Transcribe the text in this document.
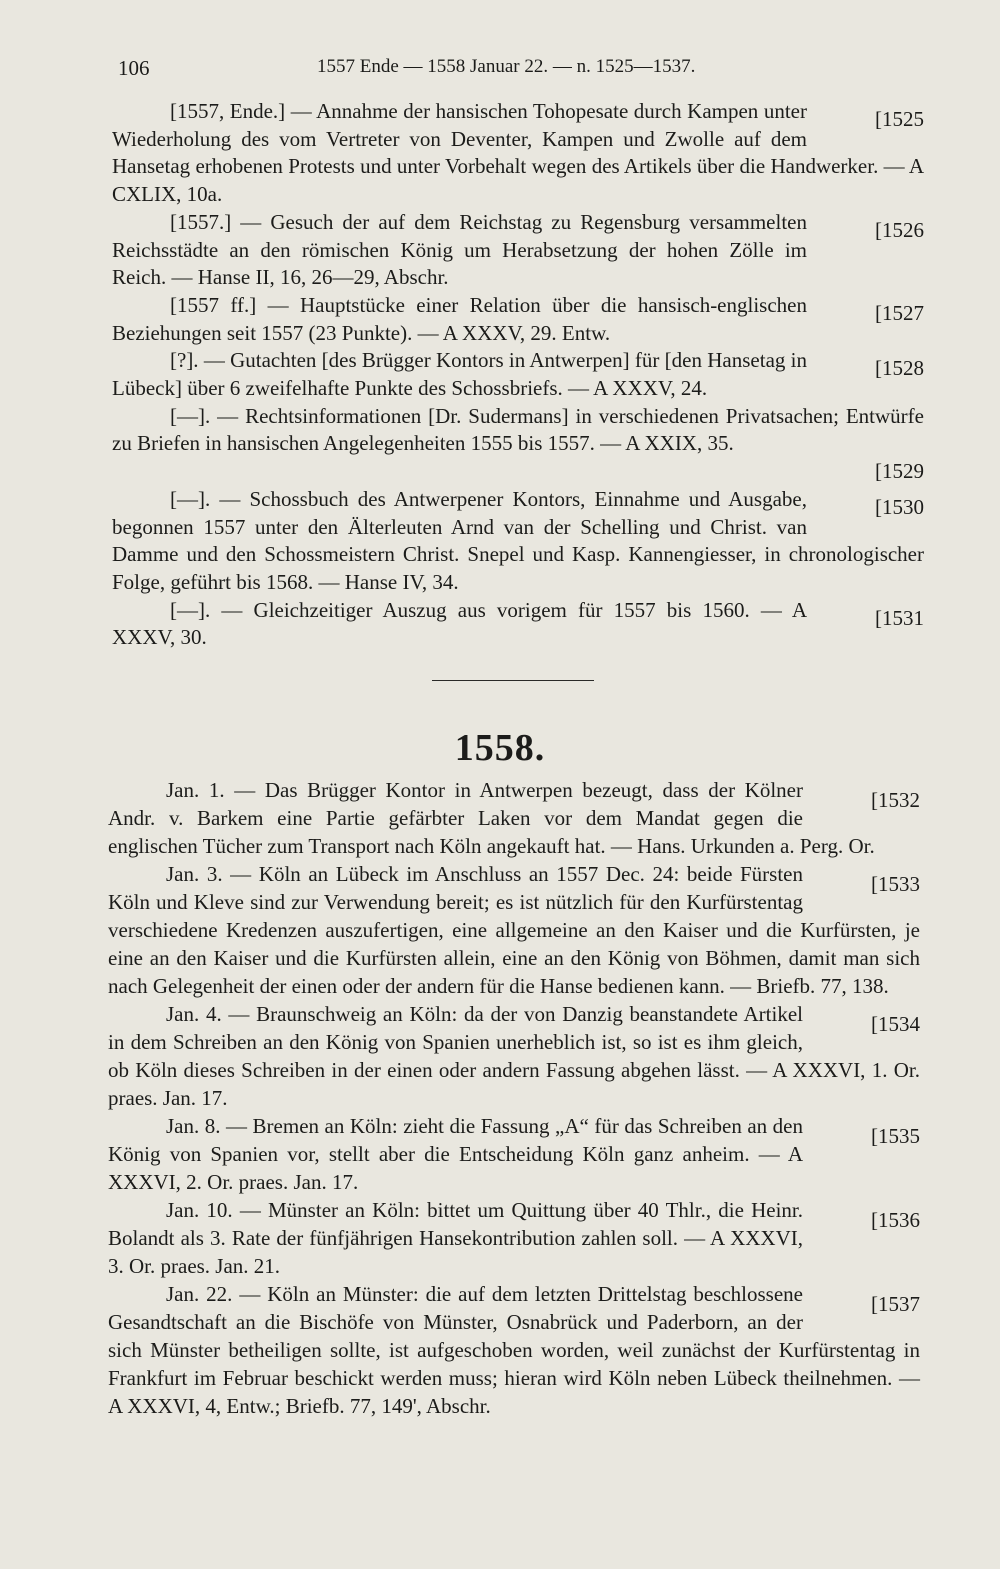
106	1557 Ende — 1558 Januar 22. — n. 1525—1537.

[1525
[1557, Ende.] — Annahme der hansischen Tohopesate durch Kampen unter Wiederholung des vom Vertreter von Deventer, Kampen und Zwolle auf dem Hansetag erhobenen Protests und unter Vorbehalt wegen des Artikels über die Handwerker. — A CXLIX, 10a.

[1526
[1557.] — Gesuch der auf dem Reichstag zu Regensburg versammelten Reichsstädte an den römischen König um Herabsetzung der hohen Zölle im Reich. — Hanse II, 16, 26—29, Abschr.

[1527
[1557 ff.] — Hauptstücke einer Relation über die hansisch-englischen Beziehungen seit 1557 (23 Punkte). — A XXXV, 29. Entw.

[1528
[?]. — Gutachten [des Brügger Kontors in Antwerpen] für [den Hansetag in Lübeck] über 6 zweifelhafte Punkte des Schossbriefs. — A XXXV, 24.

[—]. — Rechtsinformationen [Dr. Sudermans] in verschiedenen Privatsachen; Entwürfe zu Briefen in hansischen Angelegenheiten 1555 bis 1557. — A XXIX, 35.
[1529

[1530
[—]. — Schossbuch des Antwerpener Kontors, Einnahme und Ausgabe, begonnen 1557 unter den Älterleuten Arnd van der Schelling und Christ. van Damme und den Schossmeistern Christ. Snepel und Kasp. Kannengiesser, in chronologischer Folge, geführt bis 1568. — Hanse IV, 34.

[1531
[—]. — Gleichzeitiger Auszug aus vorigem für 1557 bis 1560. — A XXXV, 30.

1558.

[1532
Jan. 1. — Das Brügger Kontor in Antwerpen bezeugt, dass der Kölner Andr. v. Barkem eine Partie gefärbter Laken vor dem Mandat gegen die englischen Tücher zum Transport nach Köln angekauft hat. — Hans. Urkunden a. Perg. Or.

[1533
Jan. 3. — Köln an Lübeck im Anschluss an 1557 Dec. 24: beide Fürsten Köln und Kleve sind zur Verwendung bereit; es ist nützlich für den Kurfürstentag verschiedene Kredenzen auszufertigen, eine allgemeine an den Kaiser und die Kurfürsten, je eine an den Kaiser und die Kurfürsten allein, eine an den König von Böhmen, damit man sich nach Gelegenheit der einen oder der andern für die Hanse bedienen kann. — Briefb. 77, 138.

[1534
Jan. 4. — Braunschweig an Köln: da der von Danzig beanstandete Artikel in dem Schreiben an den König von Spanien unerheblich ist, so ist es ihm gleich, ob Köln dieses Schreiben in der einen oder andern Fassung abgehen lässt. — A XXXVI, 1. Or. praes. Jan. 17.

[1535
Jan. 8. — Bremen an Köln: zieht die Fassung „A“ für das Schreiben an den König von Spanien vor, stellt aber die Entscheidung Köln ganz anheim. — A XXXVI, 2. Or. praes. Jan. 17.

[1536
Jan. 10. — Münster an Köln: bittet um Quittung über 40 Thlr., die Heinr. Bolandt als 3. Rate der fünfjährigen Hansekontribution zahlen soll. — A XXXVI, 3. Or. praes. Jan. 21.

[1537
Jan. 22. — Köln an Münster: die auf dem letzten Drittelstag beschlossene Gesandtschaft an die Bischöfe von Münster, Osnabrück und Paderborn, an der sich Münster betheiligen sollte, ist aufgeschoben worden, weil zunächst der Kurfürstentag in Frankfurt im Februar beschickt werden muss; hieran wird Köln neben Lübeck theilnehmen. — A XXXVI, 4, Entw.; Briefb. 77, 149', Abschr.
